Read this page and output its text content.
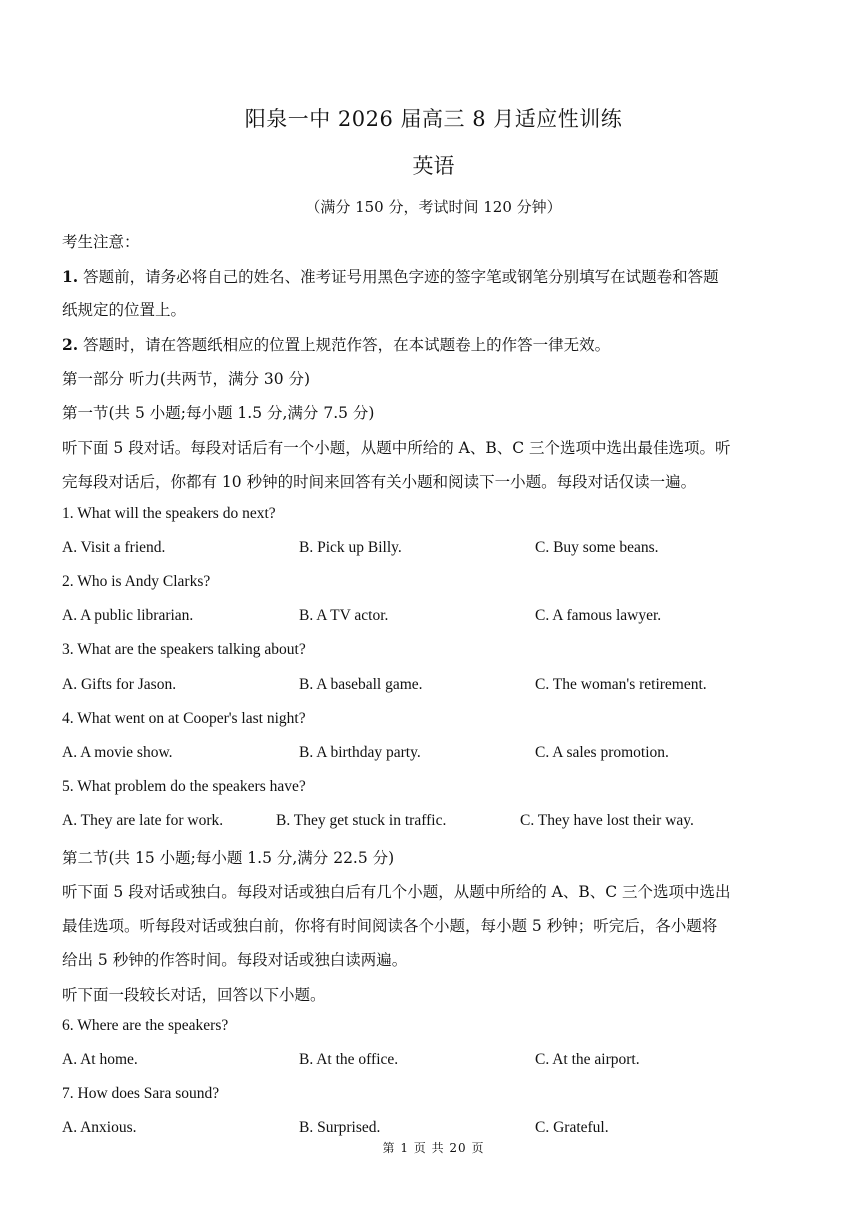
阳泉一中 2026 届高三 8 月适应性训练
英语
（满分 150 分，考试时间 120 分钟）
考生注意：
1. 答题前，请务必将自己的姓名、准考证号用黑色字迹的签字笔或钢笔分别填写在试题卷和答题
纸规定的位置上。
2. 答题时，请在答题纸相应的位置上规范作答，在本试题卷上的作答一律无效。
第一部分 听力(共两节，满分 30 分)
第一节(共 5 小题;每小题 1.5 分,满分 7.5 分)
听下面 5 段对话。每段对话后有一个小题，从题中所给的 A、B、C 三个选项中选出最佳选项。听
完每段对话后，你都有 10 秒钟的时间来回答有关小题和阅读下一小题。每段对话仅读一遍。
1. What will the speakers do next?
A. Visit a friend.	B. Pick up Billy.	C. Buy some beans.
2. Who is Andy Clarks?
A. A public librarian.	B. A TV actor.	C. A famous lawyer.
3. What are the speakers talking about?
A. Gifts for Jason.	B. A baseball game.	C. The woman's retirement.
4. What went on at Cooper's last night?
A. A movie show.	B. A birthday party.	C. A sales promotion.
5. What problem do the speakers have?
A. They are late for work.	B. They get stuck in traffic.	C. They have lost their way.
第二节(共 15 小题;每小题 1.5 分,满分 22.5 分)
听下面 5 段对话或独白。每段对话或独白后有几个小题，从题中所给的 A、B、C 三个选项中选出
最佳选项。听每段对话或独白前，你将有时间阅读各个小题，每小题 5 秒钟；听完后，各小题将
给出 5 秒钟的作答时间。每段对话或独白读两遍。
听下面一段较长对话，回答以下小题。
6. Where are the speakers?
A. At home.	B. At the office.	C. At the airport.
7. How does Sara sound?
A. Anxious.	B. Surprised.	C. Grateful.
第 1 页 共 20 页
